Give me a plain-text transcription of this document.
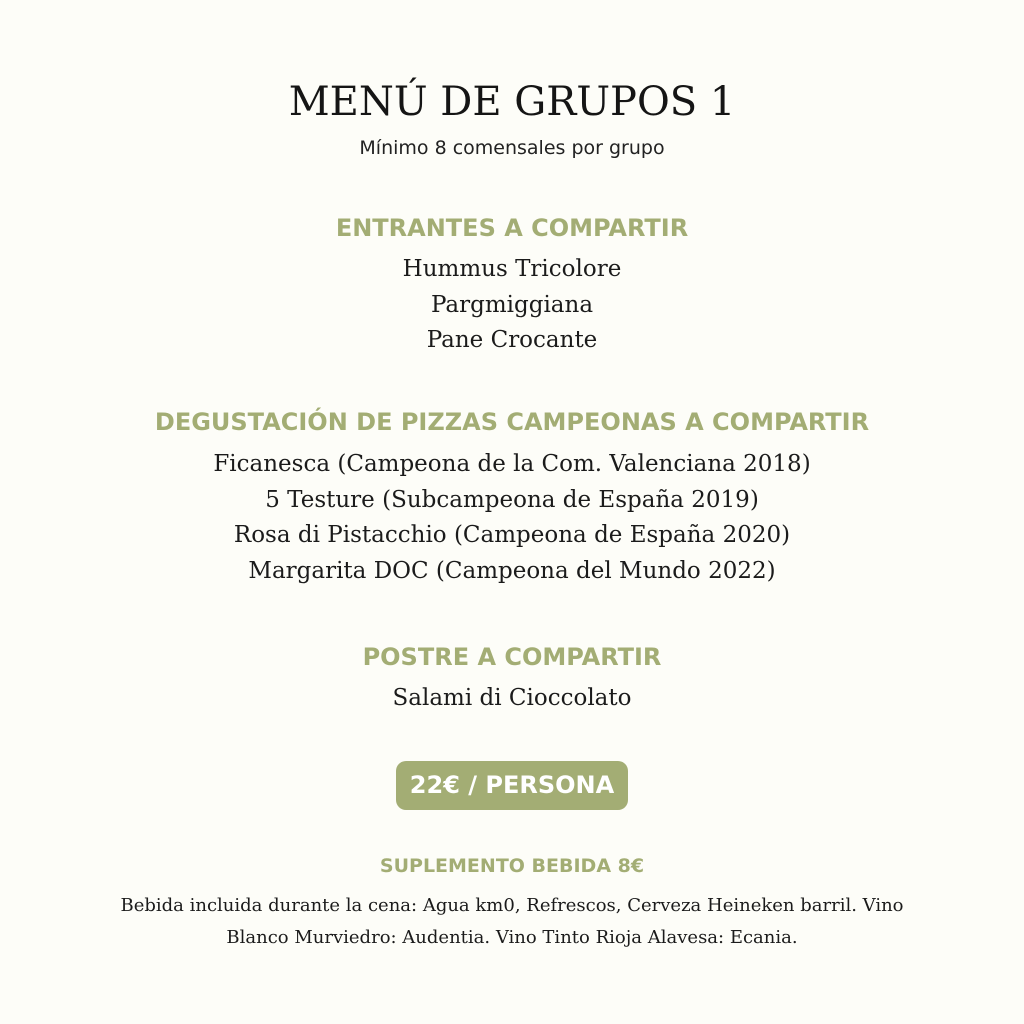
MENÚ DE GRUPOS 1
Mínimo 8 comensales por grupo
ENTRANTES A COMPARTIR
Hummus Tricolore
Pargmiggiana
Pane Crocante
DEGUSTACIÓN DE PIZZAS CAMPEONAS A COMPARTIR
Ficanesca (Campeona de la Com. Valenciana 2018)
5 Testure (Subcampeona de España 2019)
Rosa di Pistacchio (Campeona de España 2020)
Margarita DOC (Campeona del Mundo 2022)
POSTRE A COMPARTIR
Salami di Cioccolato
22€ / PERSONA
SUPLEMENTO BEBIDA 8€
Bebida incluida durante la cena: Agua km0, Refrescos, Cerveza Heineken barril. Vino Blanco Murviedro: Audentia. Vino Tinto Rioja Alavesa: Ecania.
